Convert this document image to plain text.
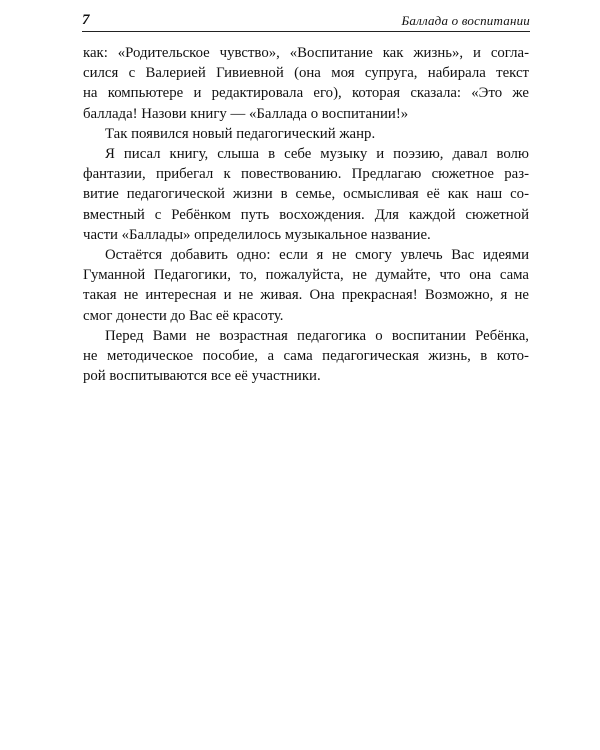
7	Баллада о воспитании

как: «Родительское чувство», «Воспитание как жизнь», и согла-
сился с Валерией Гивиевной (она моя супруга, набирала текст
на компьютере и редактировала его), которая сказала: «Это же
баллада! Назови книгу — «Баллада о воспитании!»

Так появился новый педагогический жанр.

Я писал книгу, слыша в себе музыку и поэзию, давал волю
фантазии, прибегал к повествованию. Предлагаю сюжетное раз-
витие педагогической жизни в семье, осмысливая её как наш со-
вместный с Ребёнком путь восхождения. Для каждой сюжетной
части «Баллады» определилось музыкальное название.

Остаётся добавить одно: если я не смогу увлечь Вас идеями
Гуманной Педагогики, то, пожалуйста, не думайте, что она сама
такая не интересная и не живая. Она прекрасная! Возможно, я не
смог донести до Вас её красоту.

Перед Вами не возрастная педагогика о воспитании Ребёнка,
не методическое пособие, а сама педагогическая жизнь, в кото-
рой воспитываются все её участники.
